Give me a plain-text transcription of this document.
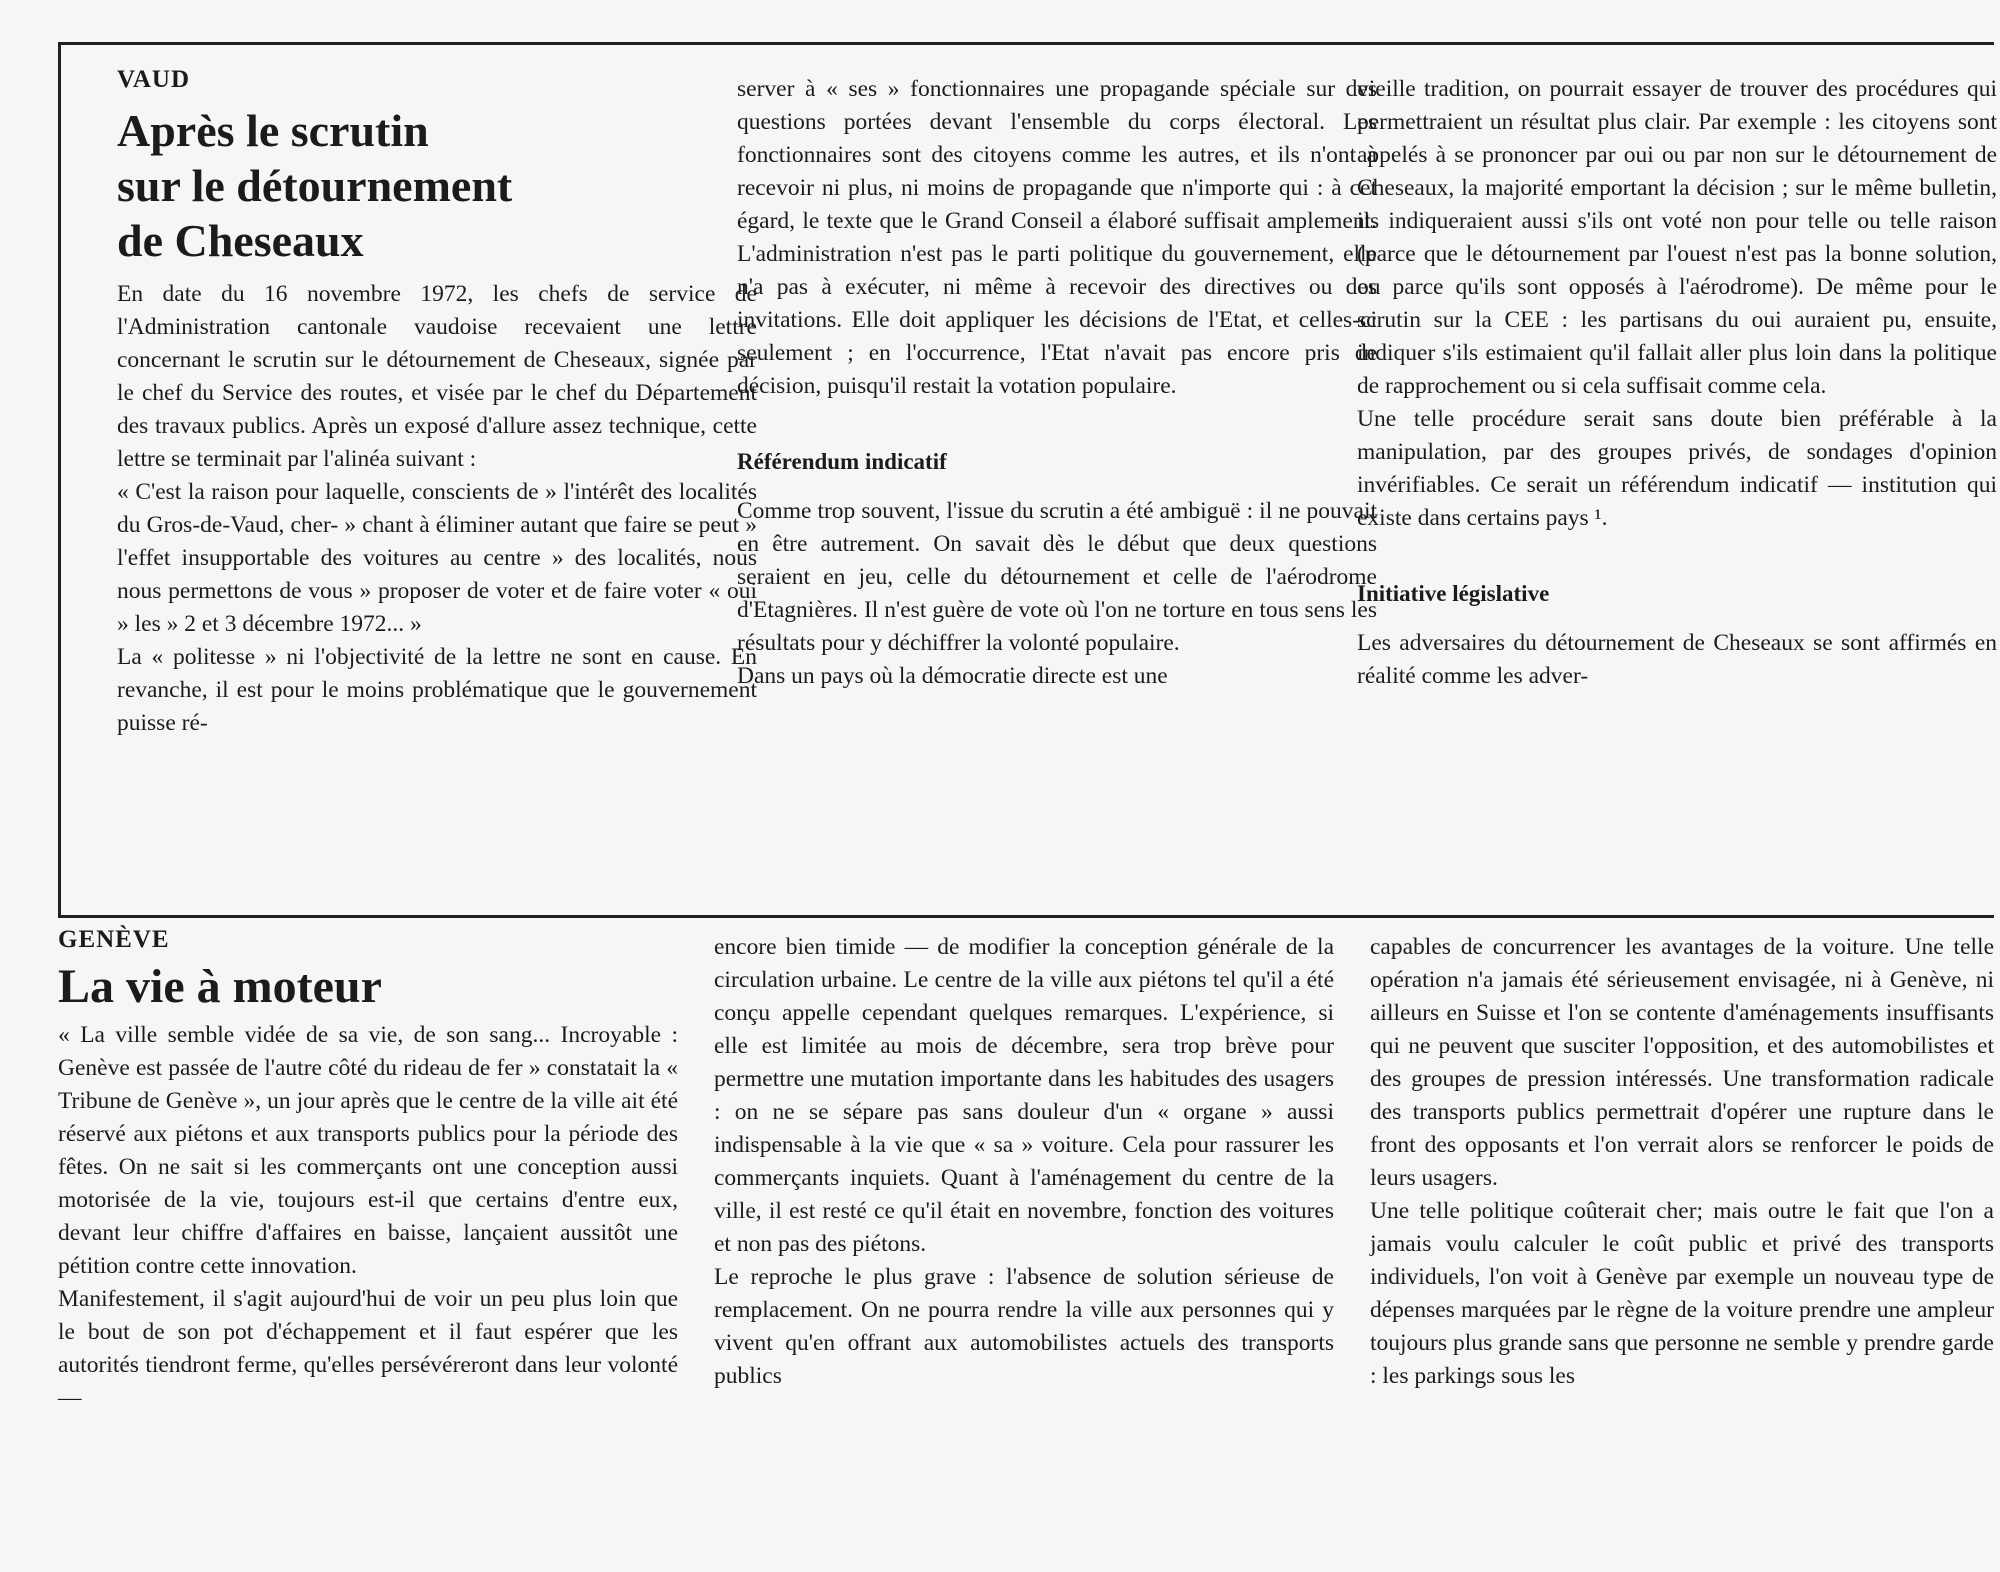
VAUD
Après le scrutin
sur le détournement
de Cheseaux

En date du 16 novembre 1972, les chefs de service de l'Administration cantonale vaudoise recevaient une lettre concernant le scrutin sur le détournement de Cheseaux, signée par le chef du Service des routes, et visée par le chef du Département des travaux publics. Après un exposé d'allure assez technique, cette lettre se terminait par l'alinéa suivant :

« C'est la raison pour laquelle, conscients de » l'intérêt des localités du Gros-de-Vaud, cher- » chant à éliminer autant que faire se peut » l'effet insupportable des voitures au centre » des localités, nous nous permettons de vous » proposer de voter et de faire voter « oui » les » 2 et 3 décembre 1972... »

La « politesse » ni l'objectivité de la lettre ne sont en cause. En revanche, il est pour le moins problématique que le gouvernement puisse ré-

server à « ses » fonctionnaires une propagande spéciale sur des questions portées devant l'ensemble du corps électoral. Les fonctionnaires sont des citoyens comme les autres, et ils n'ont à recevoir ni plus, ni moins de propagande que n'importe qui : à cet égard, le texte que le Grand Conseil a élaboré suffisait amplement. L'administration n'est pas le parti politique du gouvernement, elle n'a pas à exécuter, ni même à recevoir des directives ou des invitations. Elle doit appliquer les décisions de l'Etat, et celles-ci seulement ; en l'occurrence, l'Etat n'avait pas encore pris de décision, puisqu'il restait la votation populaire.

Référendum indicatif

Comme trop souvent, l'issue du scrutin a été ambiguë : il ne pouvait en être autrement. On savait dès le début que deux questions seraient en jeu, celle du détournement et celle de l'aérodrome d'Etagnières. Il n'est guère de vote où l'on ne torture en tous sens les résultats pour y déchiffrer la volonté populaire.

Dans un pays où la démocratie directe est une

vieille tradition, on pourrait essayer de trouver des procédures qui permettraient un résultat plus clair. Par exemple : les citoyens sont appelés à se prononcer par oui ou par non sur le détournement de Cheseaux, la majorité emportant la décision ; sur le même bulletin, ils indiqueraient aussi s'ils ont voté non pour telle ou telle raison (parce que le détournement par l'ouest n'est pas la bonne solution, ou parce qu'ils sont opposés à l'aérodrome). De même pour le scrutin sur la CEE : les partisans du oui auraient pu, ensuite, indiquer s'ils estimaient qu'il fallait aller plus loin dans la politique de rapprochement ou si cela suffisait comme cela.

Une telle procédure serait sans doute bien préférable à la manipulation, par des groupes privés, de sondages d'opinion invérifiables. Ce serait un référendum indicatif — institution qui existe dans certains pays ¹.

Initiative législative

Les adversaires du détournement de Cheseaux se sont affirmés en réalité comme les adver-

GENÈVE
La vie à moteur

« La ville semble vidée de sa vie, de son sang... Incroyable : Genève est passée de l'autre côté du rideau de fer » constatait la « Tribune de Genève », un jour après que le centre de la ville ait été réservé aux piétons et aux transports publics pour la période des fêtes. On ne sait si les commerçants ont une conception aussi motorisée de la vie, toujours est-il que certains d'entre eux, devant leur chiffre d'affaires en baisse, lançaient aussitôt une pétition contre cette innovation.

Manifestement, il s'agit aujourd'hui de voir un peu plus loin que le bout de son pot d'échappement et il faut espérer que les autorités tiendront ferme, qu'elles persévéreront dans leur volonté —

encore bien timide — de modifier la conception générale de la circulation urbaine. Le centre de la ville aux piétons tel qu'il a été conçu appelle cependant quelques remarques. L'expérience, si elle est limitée au mois de décembre, sera trop brève pour permettre une mutation importante dans les habitudes des usagers : on ne se sépare pas sans douleur d'un « organe » aussi indispensable à la vie que « sa » voiture. Cela pour rassurer les commerçants inquiets. Quant à l'aménagement du centre de la ville, il est resté ce qu'il était en novembre, fonction des voitures et non pas des piétons.

Le reproche le plus grave : l'absence de solution sérieuse de remplacement. On ne pourra rendre la ville aux personnes qui y vivent qu'en offrant aux automobilistes actuels des transports publics

capables de concurrencer les avantages de la voiture. Une telle opération n'a jamais été sérieusement envisagée, ni à Genève, ni ailleurs en Suisse et l'on se contente d'aménagements insuffisants qui ne peuvent que susciter l'opposition, et des automobilistes et des groupes de pression intéressés. Une transformation radicale des transports publics permettrait d'opérer une rupture dans le front des opposants et l'on verrait alors se renforcer le poids de leurs usagers.

Une telle politique coûterait cher; mais outre le fait que l'on a jamais voulu calculer le coût public et privé des transports individuels, l'on voit à Genève par exemple un nouveau type de dépenses marquées par le règne de la voiture prendre une ampleur toujours plus grande sans que personne ne semble y prendre garde : les parkings sous les
